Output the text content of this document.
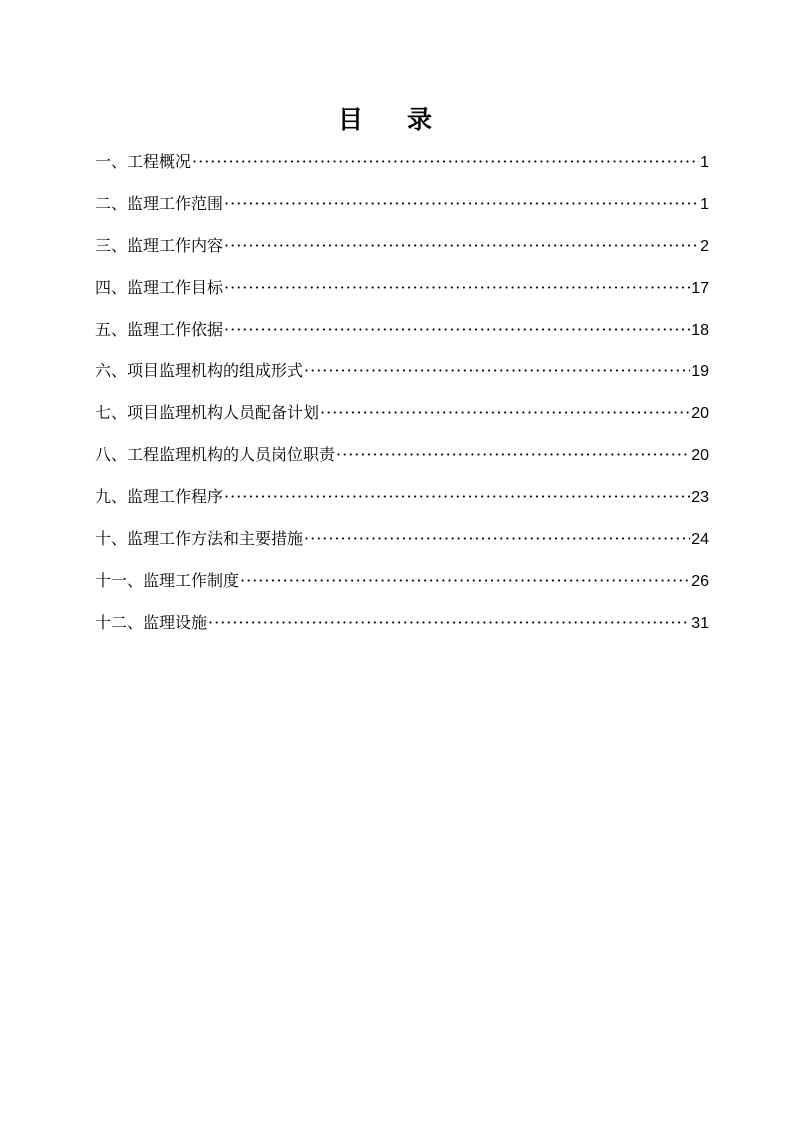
目录
一、工程概况 ·····	1
二、监理工作范围 ·····	1
三、监理工作内容 ·····	2
四、监理工作目标 ·····	17
五、监理工作依据 ·····	18
六、项目监理机构的组成形式 ·····	19
七、项目监理机构人员配备计划 ·····	20
八、工程监理机构的人员岗位职责 ·····	20
九、监理工作程序 ·····	23
十、监理工作方法和主要措施 ·····	24
十一、监理工作制度 ·····	26
十二、监理设施 ·····	31
